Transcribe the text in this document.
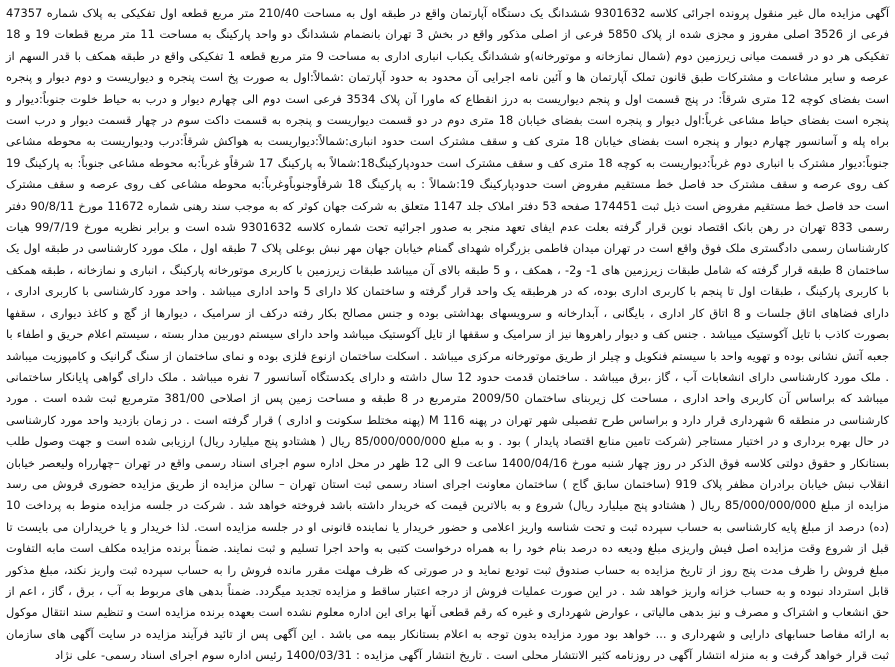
آگهی مزایده مال غیر منقول پرونده اجرائی کلاسه 9301632 ششدانگ یک دستگاه آپارتمان واقع در طبقه اول به مساحت 210/40 متر مربع قطعه اول تفکیکی به پلاک شماره 47357 فرعی از 3526 اصلی مفروز و مجزی شده از پلاک 5850 فرعی از اصلی مذکور واقع در بخش 3 تهران بانضمام ششدانگ دو واحد پارکینگ به مساحت 11 متر مربع قطعات 19 و 18 تفکیکی هر دو در قسمت میانی زیرزمین دوم (شمال نمازخانه و موتورخانه)و ششدانگ یکباب انباری اداری به مساحت 9 متر مربع قطعه 1 تفکیکی واقع در طبقه همکف با قدر السهم از عرصه و سایر مشاعات و مشترکات طبق قانون تملک آپارتمان ها و آئین نامه اجرایی آن محدود به حدود آپارتمان :شمالاً:اول به صورت پخ است پنجره و دیواریست و دوم دیوار و پنجره است بفضای کوچه 12 متری شرقاً: در پنج قسمت اول و پنجم دیواریست به درز انقطاع که ماورا آن پلاک 3534 فرعی است دوم الی چهارم دیوار و درب به حیاط خلوت جنوباً:دیوار و پنجره است بفضای حیاط مشاعی غرباً:اول دیوار و پنجره است بفضای خیابان 18 متری دوم در دو قسمت دیواریست و پنجره به قسمت داکت سوم در چهار قسمت دیوار و درب است براه پله و آسانسور چهارم دیوار و پنجره است بفضای خیابان 18 متری کف و سقف مشترک است حدود انباری:شمالاً:دیواریست به هواکش شرقاً:درب ودیواریست به محوطه مشاعی جنوباً:دیوار مشترک با انباری دوم غرباً:دیواریست به کوچه 18 متری کف و سقف مشترک است حدودپارکینگ18:شمالاً به پارکینگ 17 شرقاًو غرباً:به محوطه مشاعی جنوباً: به پارکینگ 19 کف روی عرصه و سقف مشترک حد فاصل خط مستقیم مفروض است حدودپارکینگ 19:شمالاً : به پارکینگ 18 شرقاًوجنوباًوغرباً:به محوطه مشاعی کف روی عرصه و سقف مشترک است حد فاصل خط مستقیم مفروض است ذیل ثبت 174451 صفحه 53 دفتر املاک جلد 1147 متعلق به شرکت جهان کوثر که به موجب سند رهنی شماره 11672 مورخ 90/8/11 دفتر رسمی 833 تهران در رهن بانک اقتصاد نوین قرار گرفته بعلت عدم ایفای تعهد منجر به صدور اجرائیه تحت شماره کلاسه 9301632 شده است و برابر نظریه مورخ 99/7/19 هیات کارشناسان رسمی دادگستری ملک فوق واقع است در تهران میدان فاطمی بزرگراه شهدای گمنام خیابان جهان مهر نبش بوعلی پلاک 7 طبقه اول ، ملک مورد کارشناسی در طبقه اول یک ساختمان 8 طبقه قرار گرفته که شامل طبقات زیرزمین های 1- و2- ، همکف ، و 5 طبقه بالای آن میباشد طبقات زیرزمین با کاربری موتورخانه پارکینگ ، انباری و نمازخانه ، طبقه همکف با کاربری پارکینگ ، طبقات اول تا پنجم با کاربری اداری بوده، که در هرطبقه یک واحد قرار گرفته و ساختمان کلا دارای 5 واحد اداری میباشد . واحد مورد کارشناسی با کاربری اداری ، دارای فضاهای اتاق جلسات و 8 اتاق کار اداری ، بایگانی ، آبدارخانه و سرویسهای بهداشتی بوده و جنس مصالح بکار رفته درکف از سرامیک ، دیوارها از گچ و کاغذ دیواری ، سقفها بصورت کاذب با تایل آکوستیک میباشد . جنس کف و دیوار راهروها نیز از سرامیک و سقفها از تایل آکوستیک میباشد واحد دارای سیستم دوربین مدار بسته ، سیستم اعلام حریق و اطفاء با جعبه آتش نشانی بوده و تهویه واحد با سیستم فنکویل و چیلر از طریق موتورخانه مرکزی میباشد . اسکلت ساختمان ازنوع فلزی بوده و نمای ساختمان از سنگ گرانیک و کامپوزیت میباشد . ملک مورد کارشناسی دارای انشعابات آب ، گاز ،برق میباشد . ساختمان قدمت حدود 12 سال داشته و دارای یکدستگاه آسانسور 7 نفره میباشد . ملک دارای گواهی پایانکار ساختمانی میباشد که براساس آن کاربری واحد اداری ، مساحت کل زیربنای ساختمان 2009/50 مترمربع در 8 طبقه و مساحت زمین پس از اصلاحی 381/00 مترمربع ثبت شده است . مورد کارشناسی در منطقه 6 شهرداری قرار دارد و براساس طرح تفصیلی شهر تهران در پهنه M 116 (پهنه مختلط سکونت و اداری ) قرار گرفته است . در زمان بازدید واحد مورد کارشناسی در حال بهره برداری و در اختیار مستاجر (شرکت تامین منابع اقتصاد پایدار ) بود . و به مبلغ 85/000/000/000 ریال ( هشتادو پنج میلیارد ریال) ارزیابی شده است و جهت وصول طلب بستانکار و حقوق دولتی کلاسه فوق الذکر در روز چهار شنبه مورخ 1400/04/16 ساعت 9 الی 12 ظهر در محل اداره سوم اجرای اسناد رسمی واقع در تهران –چهارراه ولیعصر خیابان انقلاب نبش خیابان برادران مظفر پلاک 919 (ساختمان سابق گاج ) ساختمان معاونت اجرای اسناد رسمی ثبت استان تهران – سالن مزایده از طریق مزایده حضوری فروش می رسد مزایده از مبلغ 85/000/000/000 ریال ( هشتادو پنج میلیارد ریال) شروع و به بالاترین قیمت که خریدار داشته باشد فروخته خواهد شد . شرکت در جلسه مزایده منوط به پرداخت 10 (ده) درصد از مبلغ پایه کارشناسی به حساب سپرده ثبت و تحت شناسه واریز اعلامی و حضور خریدار یا نماینده قانونی او در جلسه مزایده است. لذا خریدار و یا خریداران می بایست تا قبل از شروع وقت مزایده اصل فیش واریزی مبلغ ودیعه ده درصد بنام خود را به همراه درخواست کتبی به واحد اجرا تسلیم و ثبت نمایند. ضمناً برنده مزایده مکلف است مابه التفاوت مبلغ فروش را ظرف مدت پنج روز از تاریخ مزایده به حساب صندوق ثبت تودیع نماید و در صورتی که ظرف مهلت مقرر مانده فروش را به حساب سپرده ثبت واریز نکند، مبلغ مذکور قابل استرداد نبوده و به حساب خزانه واریز خواهد شد . در این صورت عملیات فروش از درجه اعتبار ساقط و مزایده تجدید میگردد. ضمناً بدهی های مربوط به آب ، برق ، گاز ، اعم از حق انشعاب و اشتراک و مصرف و نیز بدهی مالیاتی ، عوارض شهرداری و غیره که رقم قطعی آنها برای این اداره معلوم نشده است بعهده برنده مزایده است و تنظیم سند انتقال موکول به ارائه مفاصا حسابهای دارایی و شهرداری و ... خواهد بود مورد مزایده بدون توجه به اعلام بستانکار بیمه می باشد . این آگهی پس از تائید فرآیند مزایده در سایت آگهی های سازمان ثبت قرار خواهد گرفت و به منزله انتشار آگهی در روزنامه کثیر الانتشار محلی است . تاریخ انتشار آگهی مزایده : 1400/03/31 رئیس اداره سوم اجرای اسناد رسمی- علی نژاد
